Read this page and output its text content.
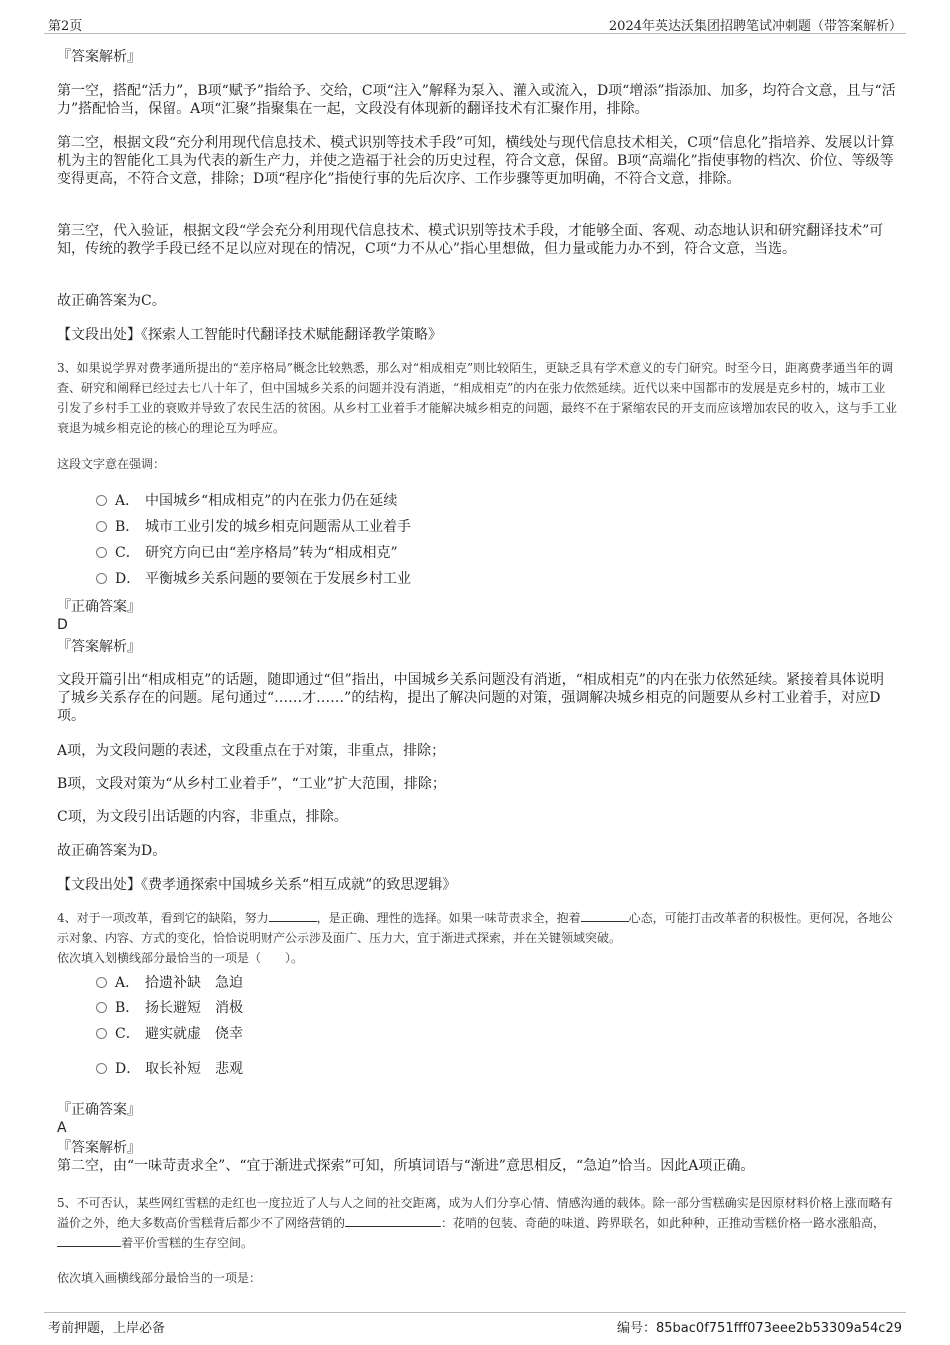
第2页	2024年英达沃集团招聘笔试冲刺题（带答案解析）

『答案解析』

第一空，搭配“活力”，B项“赋予”指给予、交给，C项“注入”解释为泵入、灌入或流入，D项“增添”指添加、加多，均符合文意，且与“活力”搭配恰当，保留。A项“汇聚”指聚集在一起，文段没有体现新的翻译技术有汇聚作用，排除。

第二空，根据文段“充分利用现代信息技术、模式识别等技术手段”可知，横线处与现代信息技术相关，C项“信息化”指培养、发展以计算机为主的智能化工具为代表的新生产力，并使之造福于社会的历史过程，符合文意，保留。B项“高端化”指使事物的档次、价位、等级等变得更高，不符合文意，排除；D项“程序化”指使行事的先后次序、工作步骤等更加明确，不符合文意，排除。

第三空，代入验证，根据文段“学会充分利用现代信息技术、模式识别等技术手段，才能够全面、客观、动态地认识和研究翻译技术”可知，传统的教学手段已经不足以应对现在的情况，C项“力不从心”指心里想做，但力量或能力办不到，符合文意，当选。

故正确答案为C。

【文段出处】《探索人工智能时代翻译技术赋能翻译教学策略》

3、如果说学界对费孝通所提出的“差序格局”概念比较熟悉，那么对“相成相克”则比较陌生，更缺乏具有学术意义的专门研究。时至今日，距离费孝通当年的调查、研究和阐释已经过去七八十年了，但中国城乡关系的问题并没有消逝，“相成相克”的内在张力依然延续。近代以来中国都市的发展是克乡村的，城市工业引发了乡村手工业的衰败并导致了农民生活的贫困。从乡村工业着手才能解决城乡相克的问题，最终不在于紧缩农民的开支而应该增加农民的收入，这与手工业衰退为城乡相克论的核心的理论互为呼应。

这段文字意在强调：

A． 中国城乡“相成相克”的内在张力仍在延续
B． 城市工业引发的城乡相克问题需从工业着手
C． 研究方向已由“差序格局”转为“相成相克”
D． 平衡城乡关系问题的要领在于发展乡村工业

『正确答案』

D

『答案解析』

文段开篇引出“相成相克”的话题，随即通过“但”指出，中国城乡关系问题没有消逝，“相成相克”的内在张力依然延续。紧接着具体说明了城乡关系存在的问题。尾句通过“……才……”的结构，提出了解决问题的对策，强调解决城乡相克的问题要从乡村工业着手，对应D项。

A项，为文段问题的表述，文段重点在于对策，非重点，排除；

B项，文段对策为“从乡村工业着手”，“工业”扩大范围，排除；

C项，为文段引出话题的内容，非重点，排除。

故正确答案为D。

【文段出处】《费孝通探索中国城乡关系“相互成就”的致思逻辑》

4、对于一项改革，看到它的缺陷，努力	，是正确、理性的选择。如果一味苛责求全，抱着	心态，可能打击改革者的积极性。更何况，各地公示对象、内容、方式的变化，恰恰说明财产公示涉及面广、压力大，宜于渐进式探索，并在关键领域突破。

依次填入划横线部分最恰当的一项是（　　）。

A． 拾遗补缺　急迫
B． 扬长避短　消极
C． 避实就虚　侥幸
D． 取长补短　悲观

『正确答案』

A

『答案解析』

第二空，由“一味苛责求全”、“宜于渐进式探索”可知，所填词语与“渐进”意思相反，“急迫”恰当。因此A项正确。

5、不可否认，某些网红雪糕的走红也一度拉近了人与人之间的社交距离，成为人们分享心情、情感沟通的载体。除一部分雪糕确实是因原材料价格上涨而略有溢价之外，绝大多数高价雪糕背后都少不了网络营销的	：花哨的包装、奇葩的味道、跨界联名，如此种种，正推动雪糕价格一路水涨船高，着平价雪糕的生存空间。

依次填入画横线部分最恰当的一项是：

考前押题，上岸必备	编号：85bac0f751fff073eee2b53309a54c29
